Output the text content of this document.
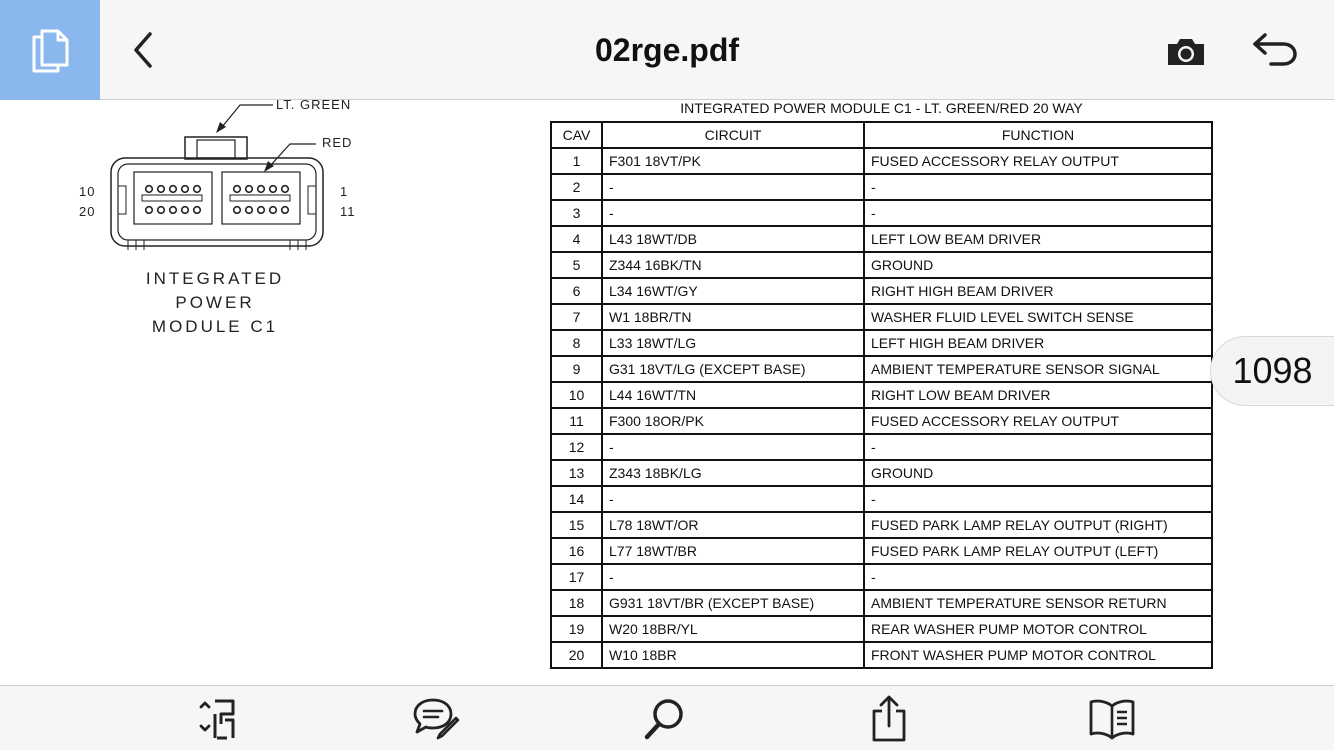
02rge.pdf
LT. GREEN
RED
10
20
1
11
INTEGRATED
POWER
MODULE C1
INTEGRATED POWER MODULE C1 - LT. GREEN/RED 20 WAY
CAV	CIRCUIT	FUNCTION
1	F301 18VT/PK	FUSED ACCESSORY RELAY OUTPUT
2	-	-
3	-	-
4	L43 18WT/DB	LEFT LOW BEAM DRIVER
5	Z344 16BK/TN	GROUND
6	L34 16WT/GY	RIGHT HIGH BEAM DRIVER
7	W1 18BR/TN	WASHER FLUID LEVEL SWITCH SENSE
8	L33 18WT/LG	LEFT HIGH BEAM DRIVER
9	G31 18VT/LG (EXCEPT BASE)	AMBIENT TEMPERATURE SENSOR SIGNAL
10	L44 16WT/TN	RIGHT LOW BEAM DRIVER
11	F300 18OR/PK	FUSED ACCESSORY RELAY OUTPUT
12	-	-
13	Z343 18BK/LG	GROUND
14	-	-
15	L78 18WT/OR	FUSED PARK LAMP RELAY OUTPUT (RIGHT)
16	L77 18WT/BR	FUSED PARK LAMP RELAY OUTPUT (LEFT)
17	-	-
18	G931 18VT/BR (EXCEPT BASE)	AMBIENT TEMPERATURE SENSOR RETURN
19	W20 18BR/YL	REAR WASHER PUMP MOTOR CONTROL
20	W10 18BR	FRONT WASHER PUMP MOTOR CONTROL
1098
